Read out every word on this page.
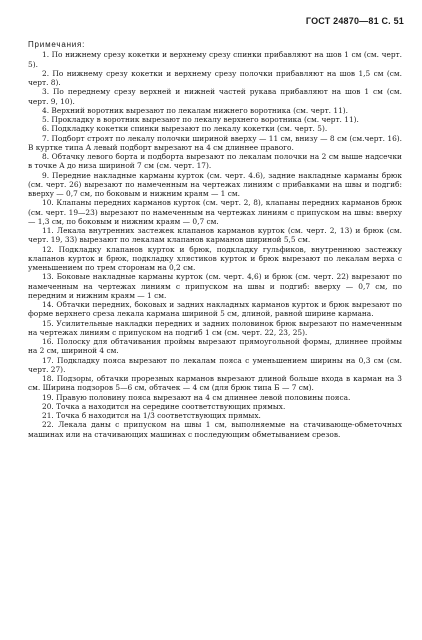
ГОСТ 24870—81 С. 51
Примечания:

1. По нижнему срезу кокетки и верхнему срезу спинки прибавляют на шов 1 см (см. черт. 5).

2. По нижнему срезу кокетки и верхнему срезу полочки прибавляют на шов 1,5 см (см. черт. 8).

3. По переднему срезу верхней и нижней частей рукава прибавляют на шов 1 см (см. черт. 9, 10).

4. Верхний воротник вырезают по лекалам нижнего воротника (см. черт. 11).

5. Прокладку в воротник вырезают по лекалу верхнего воротника (см. черт. 11).

6. Подкладку кокетки спинки вырезают по лекалу кокетки (см. черт. 5).

7. Подборт строят по лекалу полочки шириной вверху — 11 см, внизу — 8 см (см.черт. 16). В куртке типа А левый подборт вырезают на 4 см длиннее правого.

8. Обтачку левого борта и подборта вырезают по лекалам полочки на 2 см выше надсечки в точке A до низа шириной 7 см (см. черт. 17).

9. Передние накладные карманы курток (см. черт. 4.6), задние накладные карманы брюк (см. черт. 26) вырезают по намеченным на чертежах линиям с прибавками на швы и подгиб: вверху — 0,7 см, по боковым и нижним краям — 1 см.

10. Клапаны передних карманов курток (см. черт. 2, 8), клапаны передних карманов брюк (см. черт. 19—23) вырезают по намеченным на чертежах линиям с припуском на швы: вверху — 1,3 см, по боковым и нижним краям — 0,7 см.

11. Лекала внутренних застежек клапанов карманов курток (см. черт. 2, 13) и брюк (см. черт. 19, 33) вырезают по лекалам клапанов карманов шириной 5,5 см.

12. Подкладку клапанов курток и брюк, подкладку гульфиков, внутреннюю застежку клапанов курток и брюк, подкладку хлястиков курток и брюк вырезают по лекалам верха с уменьшением по трем сторонам на 0,2 см.

13. Боковые накладные карманы курток (см. черт. 4,6) и брюк (см. черт. 22) вырезают по намеченным на чертежах линиям с припуском на швы и подгиб: вверху — 0,7 см, по передним и нижним краям — 1 см.

14. Обтачки передних, боковых и задних накладных карманов курток и брюк вырезают по форме верхнего среза лекала кармана шириной 5 см, длиной, равной ширине кармана.

15. Усилительные накладки передних и задних половинок брюк вырезают по намеченным на чертежах линиям с припуском на подгиб 1 см (см. черт. 22, 23, 25).

16. Полоску для обтачивания проймы вырезают прямоугольной формы, длиннее проймы на 2 см, шириной 4 см.

17. Подкладку пояса вырезают по лекалам пояса с уменьшением ширины на 0,3 см (см. черт. 27).

18. Подзоры, обтачки прорезных карманов вырезают длиной больше входа в карман на 3 см. Ширина подзоров 5—6 см, обтачек — 4 см (для брюк типа Б — 7 см).

19. Правую половину пояса вырезают на 4 см длиннее левой половины пояса.

20. Точка a находится на середине соответствующих прямых.

21. Точка б находится на 1/3 соответствующих прямых.

22. Лекала даны с припуском на швы 1 см, выполняемые на стачивающе-обметочных машинах или на стачивающих машинах с последующим обметыванием срезов.
